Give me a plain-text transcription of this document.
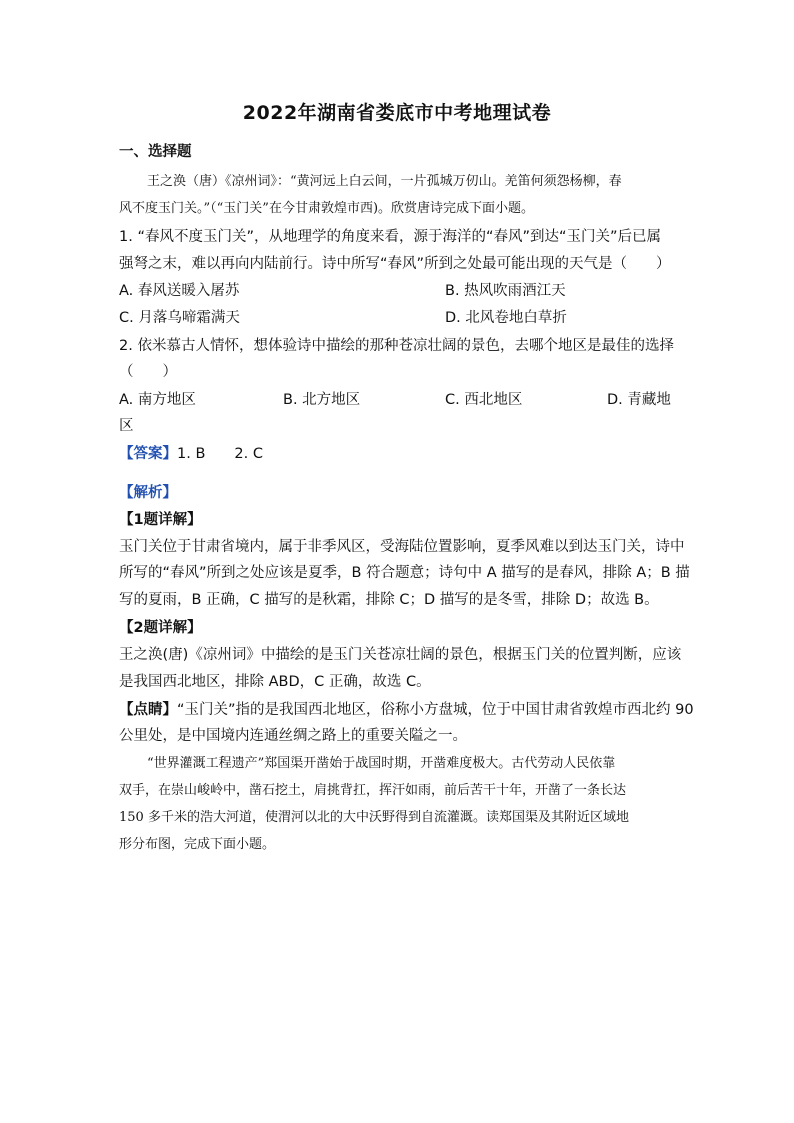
2022年湖南省娄底市中考地理试卷
一、选择题
王之涣（唐）《凉州词》：“黄河远上白云间，一片孤城万仞山。羌笛何须怨杨柳，春
风不度玉门关。”（“玉门关”在今甘肃敦煌市西)。欣赏唐诗完成下面小题。
1. “春风不度玉门关”，从地理学的角度来看，源于海洋的“春风”到达“玉门关”后已属
强弩之末，难以再向内陆前行。诗中所写“春风”所到之处最可能出现的天气是（　　）
A. 春风送暖入屠苏	B. 热风吹雨酒江天
C. 月落乌啼霜满天	D. 北风卷地白草折
2. 依米慕古人情怀，想体验诗中描绘的那种苍凉壮阔的景色，去哪个地区是最佳的选择
（　　）
A. 南方地区	B. 北方地区	C. 西北地区	D. 青藏地
区
【答案】1. B　　2. C
【解析】
【1题详解】
玉门关位于甘肃省境内，属于非季风区，受海陆位置影响，夏季风难以到达玉门关，诗中
所写的“春风”所到之处应该是夏季，B 符合题意；诗句中 A 描写的是春风，排除 A；B 描
写的夏雨，B 正确，C 描写的是秋霜，排除 C；D 描写的是冬雪，排除 D；故选 B。
【2题详解】
王之涣(唐)《凉州词》中描绘的是玉门关苍凉壮阔的景色，根据玉门关的位置判断，应该
是我国西北地区，排除 ABD，C 正确，故选 C。
【点睛】“玉门关”指的是我国西北地区，俗称小方盘城，位于中国甘肃省敦煌市西北约 90
公里处，是中国境内连通丝绸之路上的重要关隘之一。
“世界灌溉工程遗产”郑国渠开凿始于战国时期，开凿难度极大。古代劳动人民依靠
双手，在崇山峻岭中，凿石挖土，肩挑背扛，挥汗如雨，前后苦干十年，开凿了一条长达
150 多千米的浩大河道，使渭河以北的大中沃野得到自流灌溉。读郑国渠及其附近区域地
形分布图，完成下面小题。
